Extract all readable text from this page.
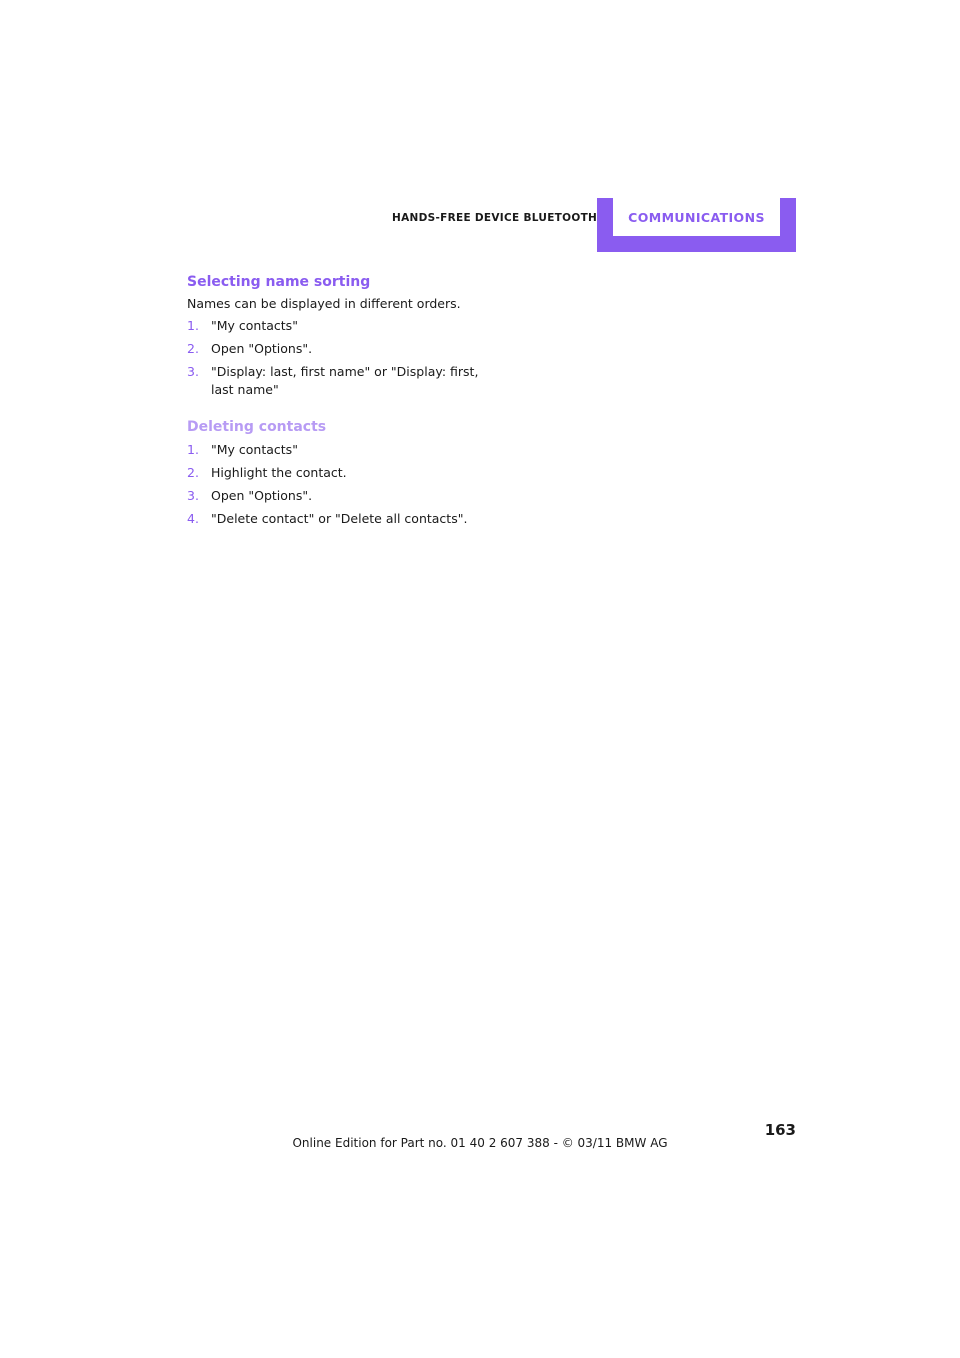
HANDS-FREE DEVICE BLUETOOTH	COMMUNICATIONS
Selecting name sorting

Names can be displayed in different orders.

1. "My contacts"
2. Open "Options".
3. "Display: last, first name" or "Display: first, last name"
Deleting contacts
1. "My contacts"
2. Highlight the contact.
3. Open "Options".
4. "Delete contact" or "Delete all contacts".
163
Online Edition for Part no. 01 40 2 607 388 - © 03/11 BMW AG
